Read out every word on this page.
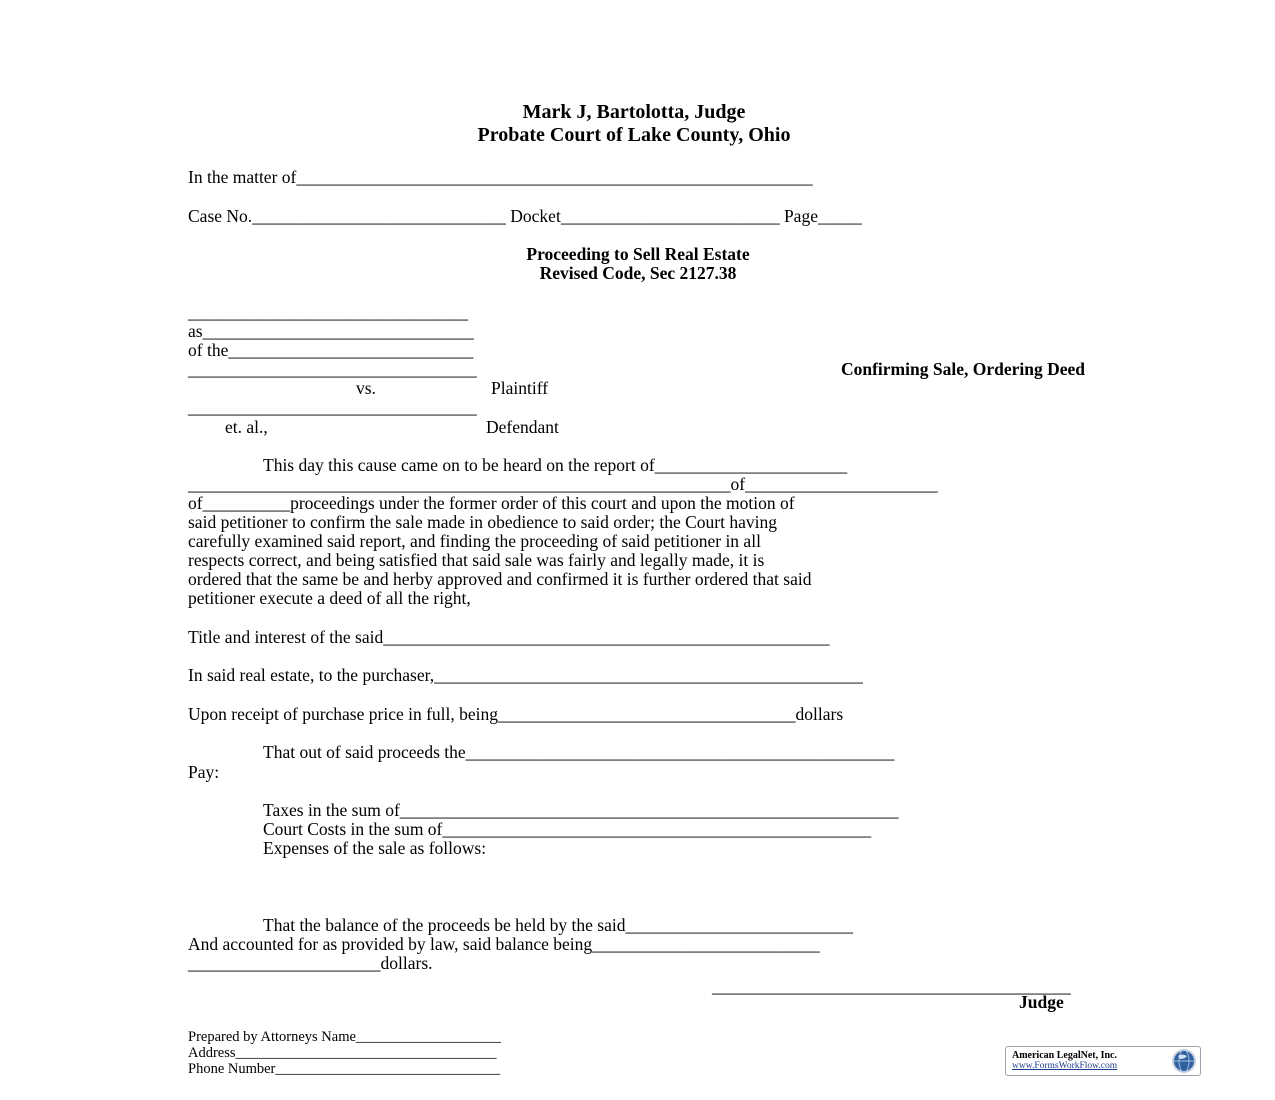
Mark J, Bartolotta, Judge
Probate Court of Lake County, Ohio
In the matter of___________________________________________________________
Case No._____________________________ Docket_________________________ Page_____
Proceeding to Sell Real Estate
Revised Code, Sec 2127.38
________________________________
as_______________________________
of the____________________________
_________________________________	Confirming Sale, Ordering Deed
vs.	Plaintiff
_________________________________
et. al.,	Defendant
This day this cause came on to be heard on the report of______________________
______________________________________________________________of______________________
of__________proceedings under the former order of this court and upon the motion of
said petitioner to confirm the sale made in obedience to said order; the Court having
carefully examined said report, and finding the proceeding of said petitioner in all
respects correct, and being satisfied that said sale was fairly and legally made, it is
ordered that the same be and herby approved and confirmed it is further ordered that said
petitioner execute a deed of all the right,
Title and interest of the said___________________________________________________
In said real estate, to the purchaser,_________________________________________________
Upon receipt of purchase price in full, being__________________________________dollars
That out of said proceeds the_________________________________________________
Pay:
Taxes in the sum of_________________________________________________________
Court Costs in the sum of_________________________________________________
Expenses of the sale as follows:
That the balance of the proceeds be held by the said__________________________
And accounted for as provided by law, said balance being__________________________
______________________dollars.
_________________________________________
Judge
Prepared by Attorneys Name____________________
Address____________________________________
Phone Number_______________________________
American LegalNet, Inc.
www.FormsWorkFlow.com
